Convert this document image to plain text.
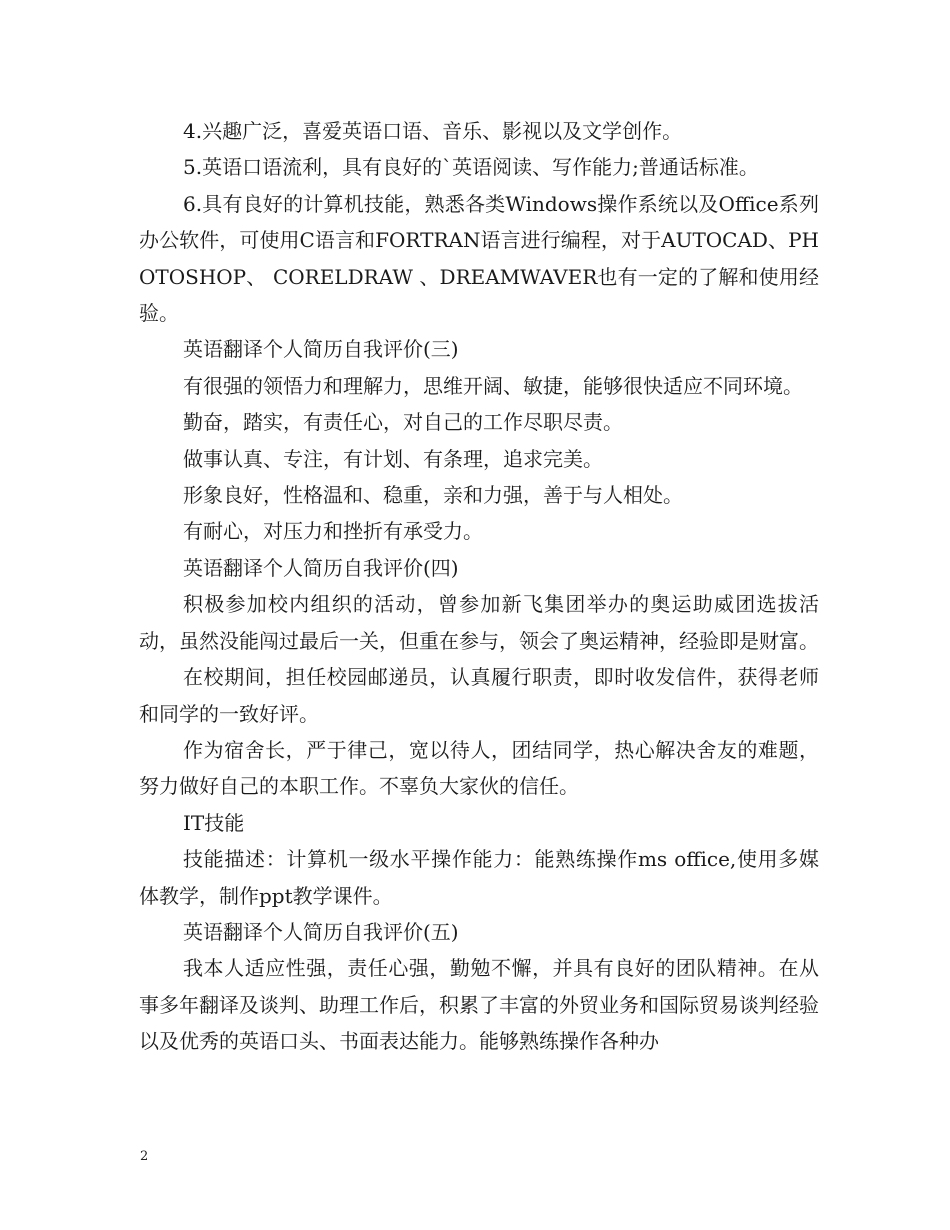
4.兴趣广泛，喜爱英语口语、音乐、影视以及文学创作。

5.英语口语流利，具有良好的`英语阅读、写作能力;普通话标准。

6.具有良好的计算机技能，熟悉各类Windows操作系统以及Office系列办公软件，可使用C语言和FORTRAN语言进行编程，对于AUTOCAD、PHOTOSHOP、 CORELDRAW 、DREAMWAVER也有一定的了解和使用经验。

英语翻译个人简历自我评价(三)

有很强的领悟力和理解力，思维开阔、敏捷，能够很快适应不同环境。

勤奋，踏实，有责任心，对自己的工作尽职尽责。

做事认真、专注，有计划、有条理，追求完美。

形象良好，性格温和、稳重，亲和力强，善于与人相处。

有耐心，对压力和挫折有承受力。

英语翻译个人简历自我评价(四)

积极参加校内组织的活动，曾参加新飞集团举办的奥运助威团选拔活动，虽然没能闯过最后一关，但重在参与，领会了奥运精神，经验即是财富。

在校期间，担任校园邮递员，认真履行职责，即时收发信件，获得老师和同学的一致好评。

作为宿舍长，严于律己，宽以待人，团结同学，热心解决舍友的难题，努力做好自己的本职工作。不辜负大家伙的信任。

IT技能

技能描述：计算机一级水平操作能力：能熟练操作ms office,使用多媒体教学，制作ppt教学课件。

英语翻译个人简历自我评价(五)

我本人适应性强，责任心强，勤勉不懈，并具有良好的团队精神。在从事多年翻译及谈判、助理工作后，积累了丰富的外贸业务和国际贸易谈判经验以及优秀的英语口头、书面表达能力。能够熟练操作各种办

2
